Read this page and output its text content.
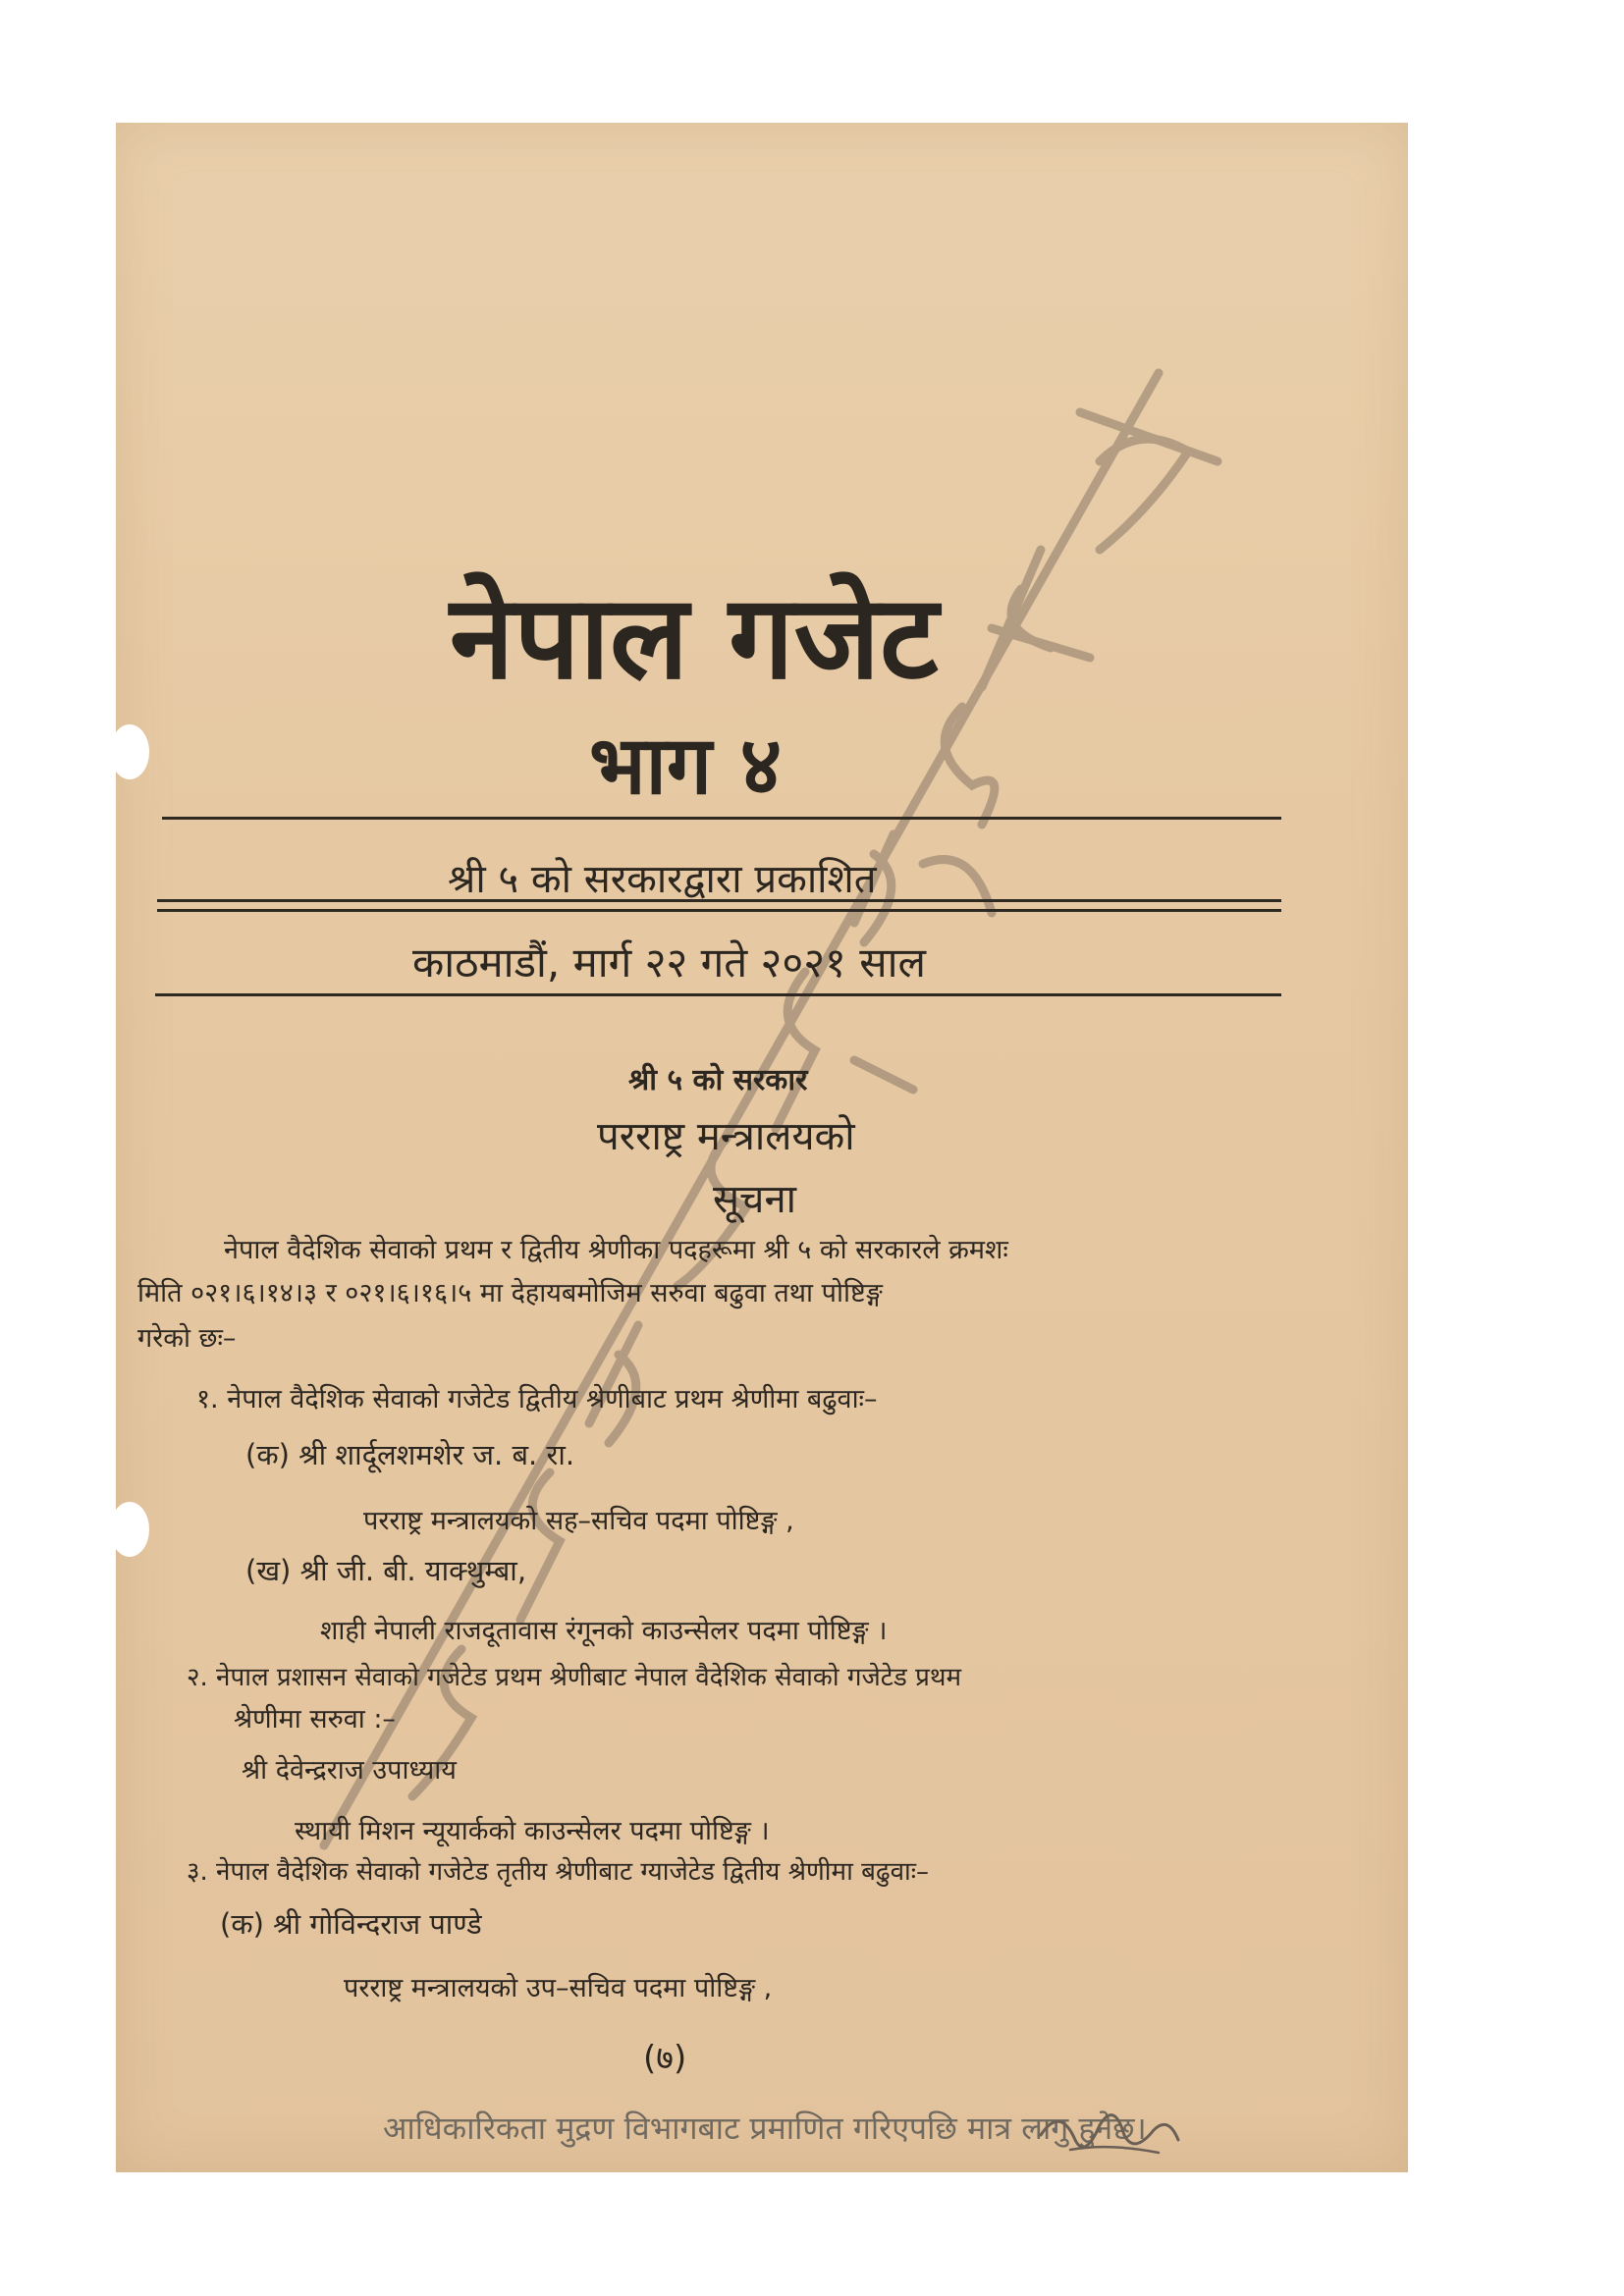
नेपाल गजेट
भाग ४
श्री ५ को सरकारद्वारा प्रकाशित
काठमाडौं, मार्ग २२ गते २०२१ साल
श्री ५ को सरकार
परराष्ट्र मन्त्रालयको
सूचना
नेपाल वैदेशिक सेवाको प्रथम र द्वितीय श्रेणीका पदहरूमा श्री ५ को सरकारले क्रमशः
मिति ०२१।६।१४।३ र ०२१।६।१६।५ मा देहायबमोजिम सरुवा बढुवा तथा पोष्टिङ्ग
गरेको छः–
१. नेपाल वैदेशिक सेवाको गजेटेड द्वितीय श्रेणीबाट प्रथम श्रेणीमा बढुवाः–
(क) श्री शार्दूलशमशेर ज. ब. रा.
परराष्ट्र मन्त्रालयको सह–सचिव पदमा पोष्टिङ्ग ,
(ख) श्री जी. बी. याक्थुम्बा,
शाही नेपाली राजदूतावास रंगूनको काउन्सेलर पदमा पोष्टिङ्ग ।
२. नेपाल प्रशासन सेवाको गजेटेड प्रथम श्रेणीबाट नेपाल वैदेशिक सेवाको गजेटेड प्रथम
श्रेणीमा सरुवा :–
श्री देवेन्द्रराज उपाध्याय
स्थायी मिशन न्यूयार्कको काउन्सेलर पदमा पोष्टिङ्ग ।
३. नेपाल वैदेशिक सेवाको गजेटेड तृतीय श्रेणीबाट ग्याजेटेड द्वितीय श्रेणीमा बढुवाः–
(क) श्री गोविन्दराज पाण्डे
परराष्ट्र मन्त्रालयको उप–सचिव पदमा पोष्टिङ्ग ,
(७)
आधिकारिकता मुद्रण विभागबाट प्रमाणित गरिएपछि मात्र लागु हुनेछ।
